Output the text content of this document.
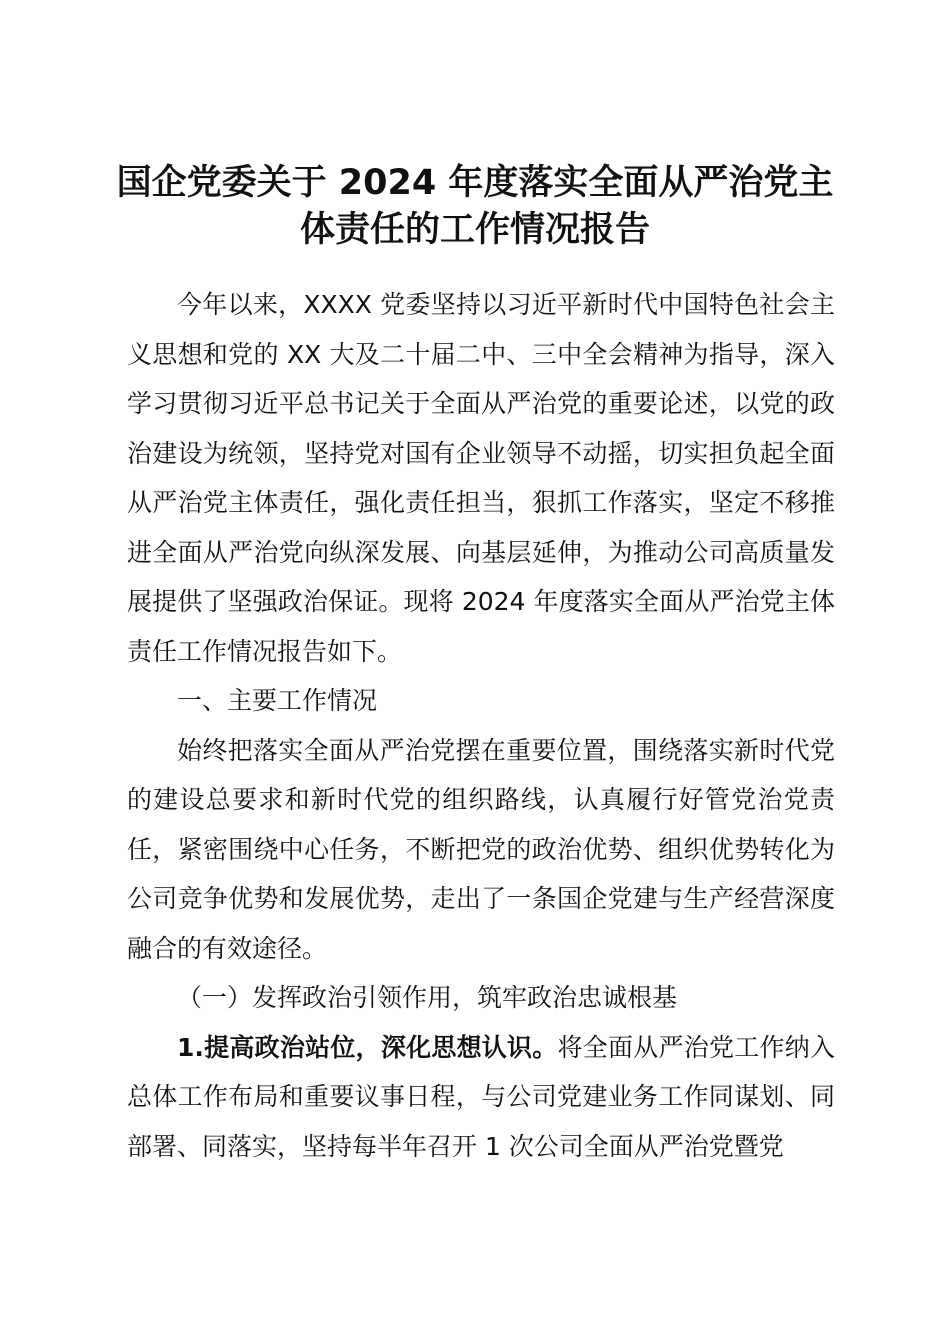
国企党委关于 2024 年度落实全面从严治党主
体责任的工作情况报告

今年以来，XXXX 党委坚持以习近平新时代中国特色社会主义思想和党的 XX 大及二十届二中、三中全会精神为指导，深入学习贯彻习近平总书记关于全面从严治党的重要论述，以党的政治建设为统领，坚持党对国有企业领导不动摇，切实担负起全面从严治党主体责任，强化责任担当，狠抓工作落实，坚定不移推进全面从严治党向纵深发展、向基层延伸，为推动公司高质量发展提供了坚强政治保证。现将 2024 年度落实全面从严治党主体责任工作情况报告如下。

一、主要工作情况

始终把落实全面从严治党摆在重要位置，围绕落实新时代党的建设总要求和新时代党的组织路线，认真履行好管党治党责任，紧密围绕中心任务，不断把党的政治优势、组织优势转化为公司竞争优势和发展优势，走出了一条国企党建与生产经营深度融合的有效途径。

（一）发挥政治引领作用，筑牢政治忠诚根基

1.提高政治站位，深化思想认识。将全面从严治党工作纳入总体工作布局和重要议事日程，与公司党建业务工作同谋划、同部署、同落实，坚持每半年召开 1 次公司全面从严治党暨党
